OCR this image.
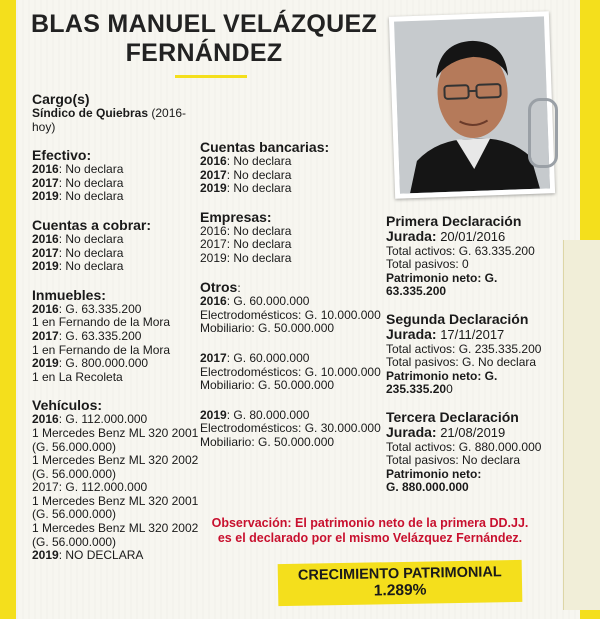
BLAS MANUEL VELÁZQUEZ
FERNÁNDEZ
Cargo(s)
Síndico de Quiebras (2016-
hoy)
Efectivo:
2016: No declara
2017: No declara
2019: No declara
Cuentas a cobrar:
2016: No declara
2017: No declara
2019: No declara
Inmuebles:
2016: G. 63.335.200
1 en Fernando de la Mora
2017: G. 63.335.200
1 en Fernando de la Mora
2019: G. 800.000.000
1 en La Recoleta
Vehículos:
2016: G. 112.000.000
1 Mercedes Benz ML 320 2001
(G. 56.000.000)
1 Mercedes Benz ML 320 2002
(G. 56.000.000)
2017: G. 112.000.000
1 Mercedes Benz ML 320 2001
(G. 56.000.000)
1 Mercedes Benz ML 320 2002
(G. 56.000.000)
2019: NO DECLARA
Cuentas bancarias:
2016: No declara
2017: No declara
2019: No declara
Empresas:
2016: No declara
2017: No declara
2019: No declara
Otros:
2016: G. 60.000.000
Electrodomésticos: G. 10.000.000
Mobiliario: G. 50.000.000
2017: G. 60.000.000
Electrodomésticos: G. 10.000.000
Mobiliario: G. 50.000.000
2019: G. 80.000.000
Electrodomésticos: G. 30.000.000
Mobiliario: G. 50.000.000
Primera Declaración
Jurada: 20/01/2016
Total activos: G. 63.335.200
Total pasivos: 0
Patrimonio neto: G. 63.335.200
Segunda Declaración
Jurada: 17/11/2017
Total activos: G. 235.335.200
Total pasivos: G. No declara
Patrimonio neto: G.
235.335.200
Tercera Declaración
Jurada: 21/08/2019
Total activos: G. 880.000.000
Total pasivos: No declara
Patrimonio neto:
G. 880.000.000
Observación: El patrimonio neto de la primera DD.JJ.
es el declarado por el mismo Velázquez Fernández.
CRECIMIENTO PATRIMONIAL
1.289%
